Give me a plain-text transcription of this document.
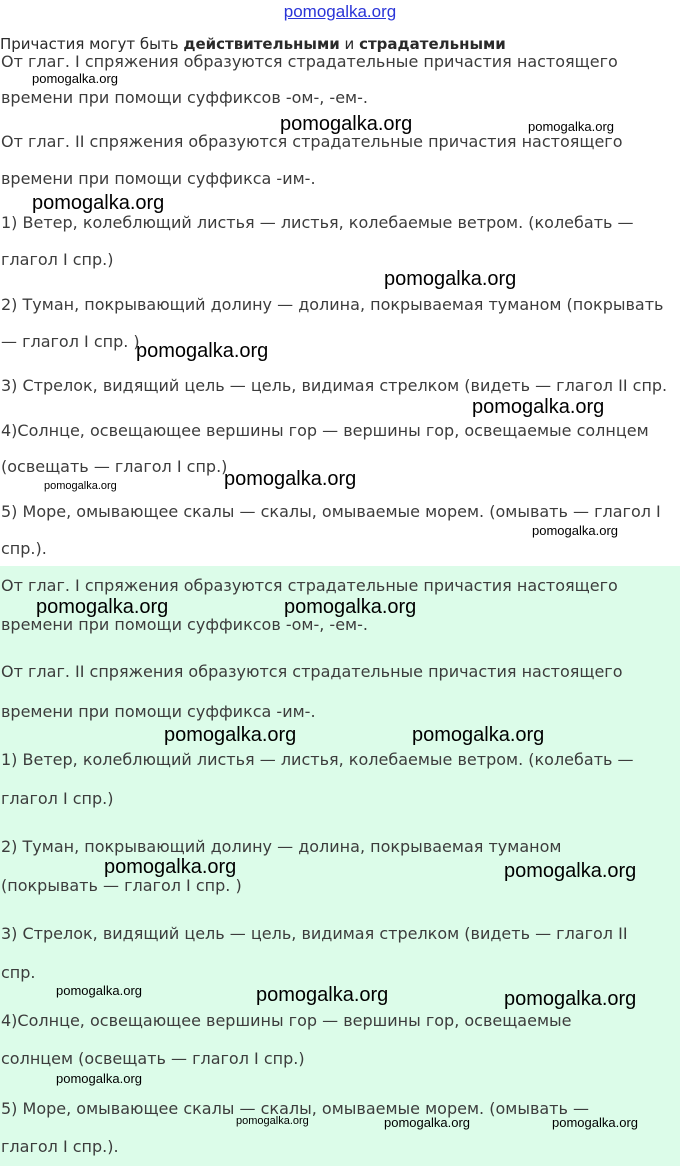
pomogalka.org
Причастия могут быть действительными и страдательными
От глаг. I спряжения образуются страдательные причастия настоящего
времени при помощи суффиксов -ом-, -ем-.
От глаг. II спряжения образуются страдательные причастия настоящего
времени при помощи суффикса -им-.
1) Ветер, колеблющий листья — листья, колебаемые ветром. (колебать —
глагол I спр.)
2) Туман, покрывающий долину — долина, покрываемая туманом (покрывать
— глагол I спр. )
3) Стрелок, видящий цель — цель, видимая стрелком (видеть — глагол II спр.
4)Солнце, освещающее вершины гор — вершины гор, освещаемые солнцем
(освещать — глагол I спр.)
5) Море, омывающее скалы — скалы, омываемые морем. (омывать — глагол I
спр.).
От глаг. I спряжения образуются страдательные причастия настоящего
времени при помощи суффиксов -ом-, -ем-.
От глаг. II спряжения образуются страдательные причастия настоящего
времени при помощи суффикса -им-.
1) Ветер, колеблющий листья — листья, колебаемые ветром. (колебать —
глагол I спр.)
2) Туман, покрывающий долину — долина, покрываемая туманом
(покрывать — глагол I спр. )
3) Стрелок, видящий цель — цель, видимая стрелком (видеть — глагол II
спр.
4)Солнце, освещающее вершины гор — вершины гор, освещаемые
солнцем (освещать — глагол I спр.)
5) Море, омывающее скалы — скалы, омываемые морем. (омывать —
глагол I спр.).
pomogalka.org
pomogalka.org	pomogalka.org
pomogalka.org
pomogalka.org
pomogalka.org
pomogalka.org
pomogalka.org	pomogalka.org
pomogalka.org
pomogalka.org	pomogalka.org
pomogalka.org	pomogalka.org
pomogalka.org	pomogalka.org
pomogalka.org	pomogalka.org	pomogalka.org
pomogalka.org
pomogalka.org	pomogalka.org	pomogalka.org
